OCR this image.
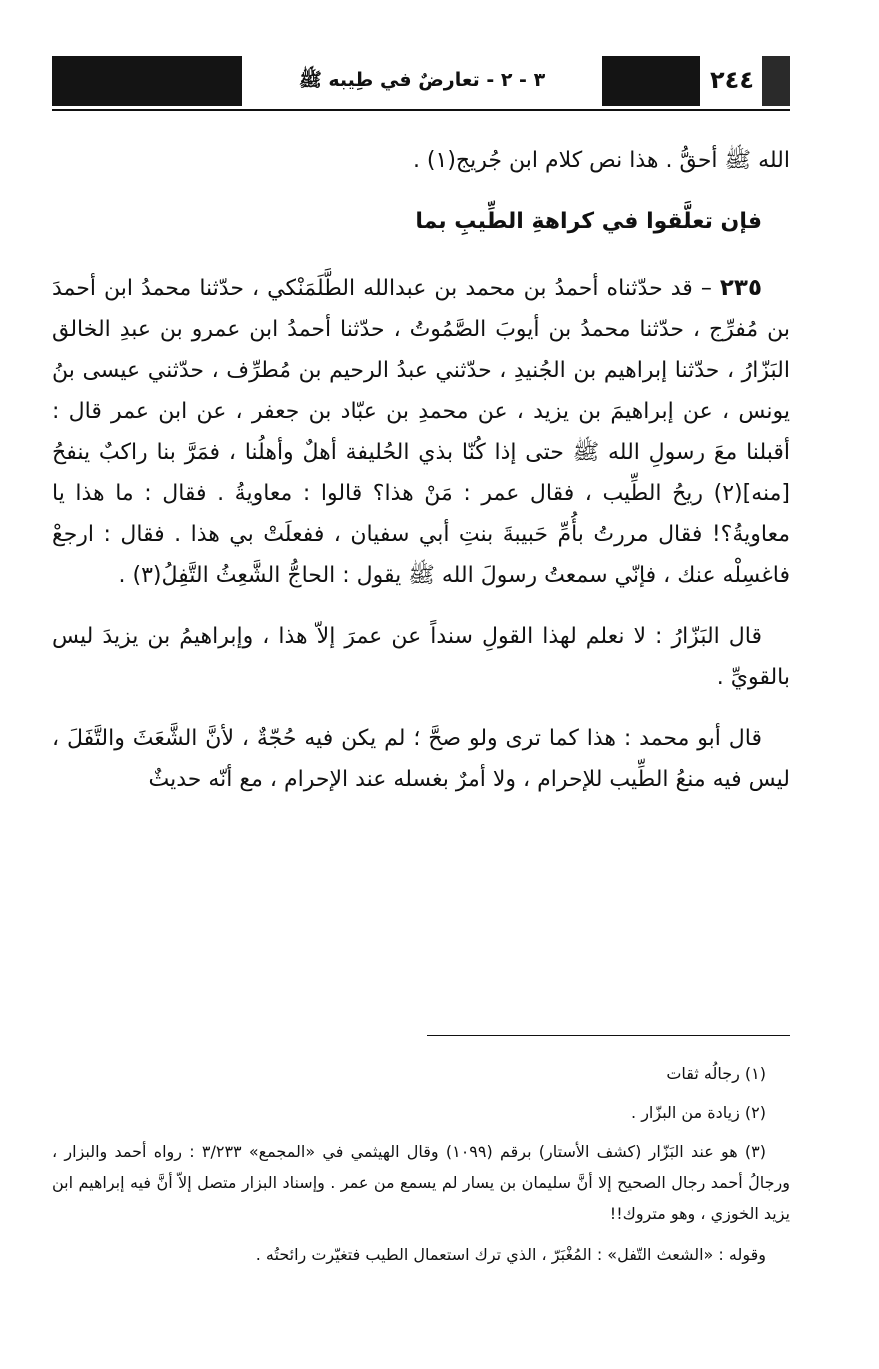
٣ - ٢ - تعارضٌ في طِيبه ﷺ	٢٤٤

الله ﷺ أحقُّ . هذا نص كلام ابن جُريج(١) .

فإن تعلَّقوا في كراهةِ الطِّيبِ بما

٢٣٥ – قد حدّثناه أحمدُ بن محمد بن عبدالله الطَّلَمَنْكي ، حدّثنا محمدُ ابن أحمدَ بن مُفرِّج ، حدّثنا محمدُ بن أيوبَ الصَّمُوتُ ، حدّثنا أحمدُ ابن عمرو بن عبدِ الخالق البَزّارُ ، حدّثنا إبراهيم بن الجُنيدِ ، حدّثني عبدُ الرحيم بن مُطرِّف ، حدّثني عيسى بنُ يونس ، عن إبراهيمَ بن يزيد ، عن محمدِ بن عبّاد بن جعفر ، عن ابن عمر قال : أقبلنا معَ رسولِ الله ﷺ حتى إذا كُنّا بذي الحُليفة أهلٌ وأهلُنا ، فمَرَّ بنا راكبٌ ينفحُ [منه](٢) ريحُ الطِّيب ، فقال عمر : مَنْ هذا؟ قالوا : معاويةُ . فقال : ما هذا يا معاويةُ؟! فقال مررتُ بأُمِّ حَبيبةَ بنتِ أبي سفيان ، ففعلَتْ بي هذا . فقال : ارجعْ فاغسِلْه عنك ، فإنّي سمعتُ رسولَ الله ﷺ يقول : الحاجُّ الشَّعِثُ التَّفِلُ(٣) .

قال البَزّارُ : لا نعلم لهذا القولِ سنداً عن عمرَ إلاّ هذا ، وإبراهيمُ بن يزيدَ ليس بالقويِّ .

قال أبو محمد : هذا كما ترى ولو صحَّ ؛ لم يكن فيه حُجّةٌ ، لأنَّ الشَّعَثَ والتَّفَلَ ، ليس فيه منعُ الطِّيب للإحرام ، ولا أمرٌ بغسله عند الإحرام ، مع أنّه حديثٌ

(١) رجالُه ثقات

(٢) زيادة من البزّار .

(٣) هو عند البَزّار (كشف الأستار) برقم (١٠٩٩) وقال الهيثمي في «المجمع» ٣/٢٣٣ : رواه أحمد والبزار ، ورجالُ أحمد رجال الصحيح إلا أنَّ سليمان بن يسار لم يسمع من عمر . وإسناد البزار متصل إلاّ أنَّ فيه إبراهيم ابن يزيد الخوزي ، وهو متروك!!

وقوله : «الشعث التّفل» : المُغْبَرّ ، الذي ترك استعمال الطيب فتغيّرت رائحتُه .
